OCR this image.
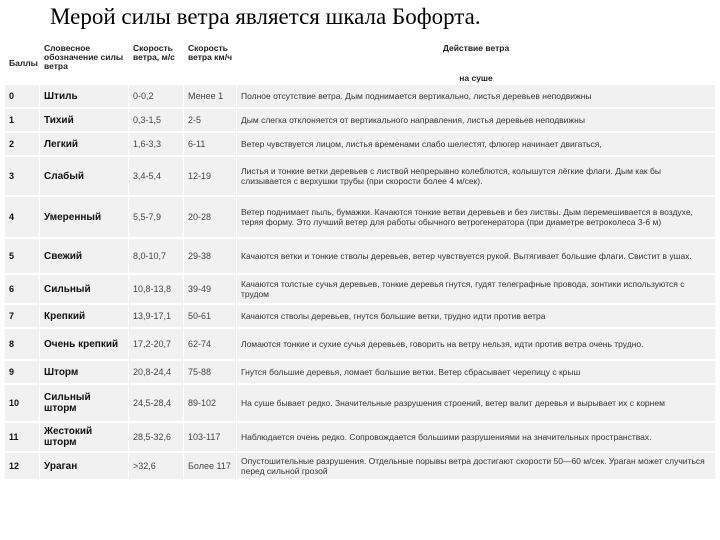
Мерой силы ветра является шкала Бофорта.
Баллы	Словесное обозначение силы ветра	Скорость ветра, м/с	Скорость ветра км/ч	Действие ветра
				на суше
0	Штиль	0-0,2	Менее 1	Полное отсутствие ветра. Дым поднимается вертикально, листья деревьев неподвижны
1	Тихий	0,3-1,5	2-5	Дым слегка отклоняется от вертикального направления, листья деревьев неподвижны
2	Легкий	1,6-3,3	6-11	Ветер чувствуется лицом, листья временами слабо шелестят, флюгер начинает двигаться,
3	Слабый	3,4-5,4	12-19	Листья и тонкие ветки деревьев с листвой непрерывно колеблются, колышутся лёгкие флаги. Дым как бы слизывается с верхушки трубы (при скорости более 4 м/сек).
4	Умеренный	5,5-7,9	20-28	Ветер поднимает пыль, бумажки. Качаются тонкие ветви деревьев и без листвы. Дым перемешивается в воздухе, теряя форму. Это лучший ветер для работы обычного ветрогенератора (при диаметре ветроколеса 3-6 м)
5	Свежий	8,0-10,7	29-38	Качаются ветки и тонкие стволы деревьев, ветер чувствуется рукой. Вытягивает большие флаги. Свистит в ушах.
6	Сильный	10,8-13,8	39-49	Качаются толстые сучья деревьев, тонкие деревья гнутся, гудят телеграфные провода, зонтики используются с трудом
7	Крепкий	13,9-17,1	50-61	Качаются стволы деревьев, гнутся большие ветки, трудно идти против ветра
8	Очень крепкий	17,2-20,7	62-74	Ломаются тонкие и сухие сучья деревьев, говорить на ветру нельзя, идти против ветра очень трудно.
9	Шторм	20,8-24,4	75-88	Гнутся большие деревья, ломает большие ветки. Ветер сбрасывает черепицу с крыш
10	Сильный шторм	24,5-28,4	89-102	На суше бывает редко. Значительные разрушения строений, ветер валит деревья и вырывает их с корнем
11	Жестокий шторм	28,5-32,6	103-117	Наблюдается очень редко. Сопровождается большими разрушениями на значительных пространствах.
12	Ураган	>32,6	Более 117	Опустошительные разрушения. Отдельные порывы ветра достигают скорости 50—60 м/сек. Ураган может случиться перед сильной грозой
